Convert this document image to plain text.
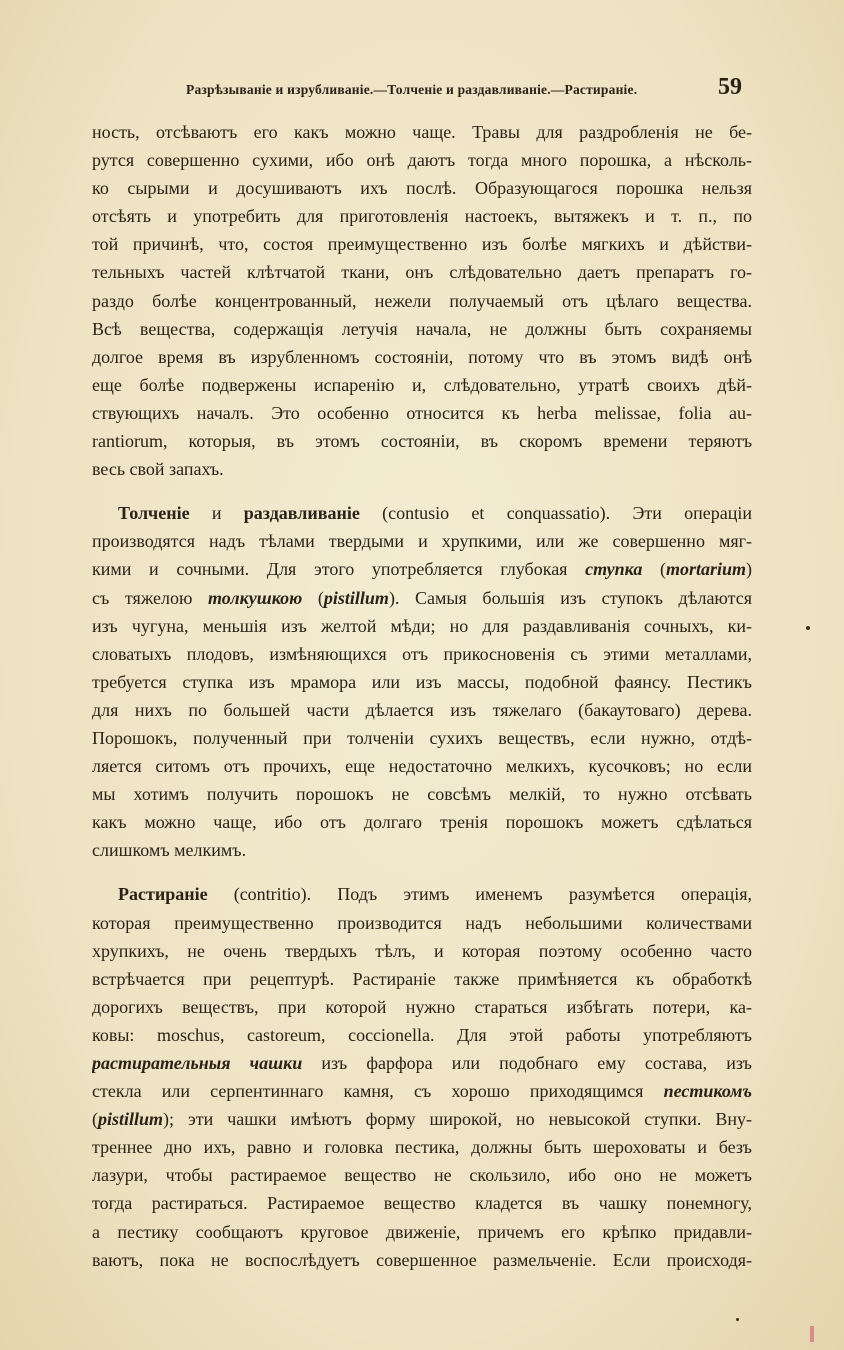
Разрѣзываніе и изрубливаніе.—Толченіе и раздавливаніе.—Растираніе.	59
ность, отсѣваютъ его какъ можно чаще. Травы для раздробленія не бе-
рутся совершенно сухими, ибо онѣ даютъ тогда много порошка, а нѣсколь-
ко сырыми и досушиваютъ ихъ послѣ. Образующагося порошка нельзя
отсѣять и употребить для приготовленія настоекъ, вытяжекъ и т. п., по
той причинѣ, что, состоя преимущественно изъ болѣе мягкихъ и дѣйстви-
тельныхъ частей клѣтчатой ткани, онъ слѣдовательно даетъ препаратъ го-
раздо болѣе концентрованный, нежели получаемый отъ цѣлаго вещества.
Всѣ вещества, содержащія летучія начала, не должны быть сохраняемы
долгое время въ изрубленномъ состояніи, потому что въ этомъ видѣ онѣ
еще болѣе подвержены испаренію и, слѣдовательно, утратѣ своихъ дѣй-
ствующихъ началъ. Это особенно относится къ herba melissae, folia au-
rantiorum, которыя, въ этомъ состояніи, въ скоромъ времени теряютъ
весь свой запахъ.
Толченіе и раздавливаніе (contusio et conquassatio). Эти операціи
производятся надъ тѣлами твердыми и хрупкими, или же совершенно мяг-
кими и сочными. Для этого употребляется глубокая ступка (mortarium)
съ тяжелою толкушкою (pistillum). Самыя большія изъ ступокъ дѣлаются
изъ чугуна, меньшія изъ желтой мѣди; но для раздавливанія сочныхъ, ки-
словатыхъ плодовъ, измѣняющихся отъ прикосновенія съ этими металлами,
требуется ступка изъ мрамора или изъ массы, подобной фаянсу. Пестикъ
для нихъ по большей части дѣлается изъ тяжелаго (бакаутоваго) дерева.
Порошокъ, полученный при толченіи сухихъ веществъ, если нужно, отдѣ-
ляется ситомъ отъ прочихъ, еще недостаточно мелкихъ, кусочковъ; но если
мы хотимъ получить порошокъ не совсѣмъ мелкій, то нужно отсѣвать
какъ можно чаще, ибо отъ долгаго тренія порошокъ можетъ сдѣлаться
слишкомъ мелкимъ.
Растираніе (contritio). Подъ этимъ именемъ разумѣется операція,
которая преимущественно производится надъ небольшими количествами
хрупкихъ, не очень твердыхъ тѣлъ, и которая поэтому особенно часто
встрѣчается при рецептурѣ. Растираніе также примѣняется къ обработкѣ
дорогихъ веществъ, при которой нужно стараться избѣгать потери, ка-
ковы: moschus, castoreum, coccionella. Для этой работы употребляютъ
растирательныя чашки изъ фарфора или подобнаго ему состава, изъ
стекла или серпентиннаго камня, съ хорошо приходящимся пестикомъ
(pistillum); эти чашки имѣютъ форму широкой, но невысокой ступки. Вну-
треннее дно ихъ, равно и головка пестика, должны быть шероховаты и безъ
лазури, чтобы растираемое вещество не скользило, ибо оно не можетъ
тогда растираться. Растираемое вещество кладется въ чашку понемногу,
а пестику сообщаютъ круговое движеніе, причемъ его крѣпко придавли-
ваютъ, пока не воспослѣдуетъ совершенное размельченіе. Если происходя-
